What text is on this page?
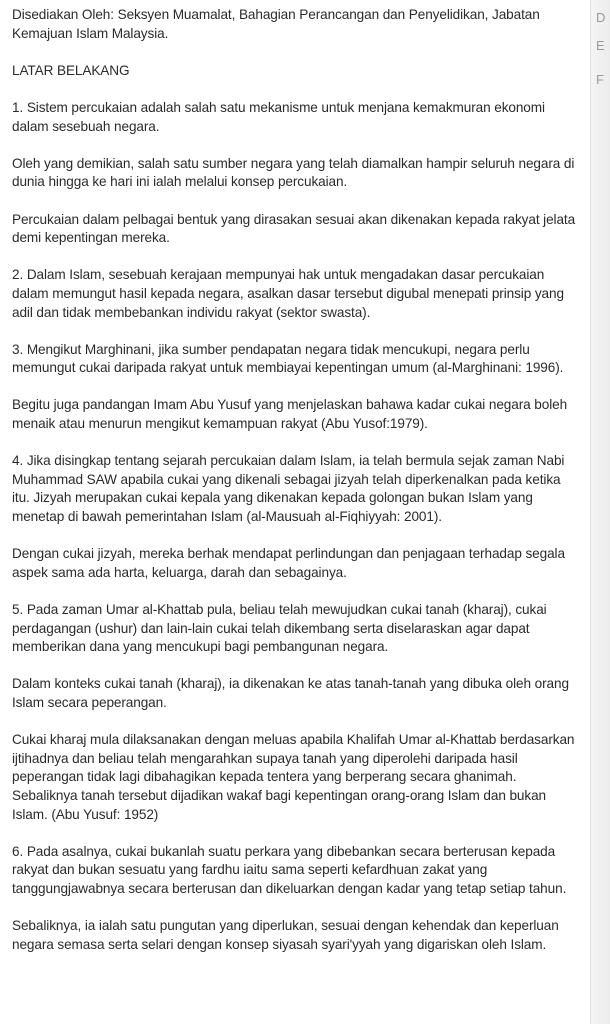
Disediakan Oleh: Seksyen Muamalat, Bahagian Perancangan dan Penyelidikan, Jabatan Kemajuan Islam Malaysia.

LATAR BELAKANG

1. Sistem percukaian adalah salah satu mekanisme untuk menjana kemakmuran ekonomi dalam sesebuah negara.

Oleh yang demikian, salah satu sumber negara yang telah diamalkan hampir seluruh negara di dunia hingga ke hari ini ialah melalui konsep percukaian.

Percukaian dalam pelbagai bentuk yang dirasakan sesuai akan dikenakan kepada rakyat jelata demi kepentingan mereka.

2. Dalam Islam, sesebuah kerajaan mempunyai hak untuk mengadakan dasar percukaian dalam memungut hasil kepada negara, asalkan dasar tersebut digubal menepati prinsip yang adil dan tidak membebankan individu rakyat (sektor swasta).

3. Mengikut Marghinani, jika sumber pendapatan negara tidak mencukupi, negara perlu memungut cukai daripada rakyat untuk membiayai kepentingan umum (al-Marghinani: 1996).

Begitu juga pandangan Imam Abu Yusuf yang menjelaskan bahawa kadar cukai negara boleh menaik atau menurun mengikut kemampuan rakyat (Abu Yusof:1979).

4. Jika disingkap tentang sejarah percukaian dalam Islam, ia telah bermula sejak zaman Nabi Muhammad SAW apabila cukai yang dikenali sebagai jizyah telah diperkenalkan pada ketika itu. Jizyah merupakan cukai kepala yang dikenakan kepada golongan bukan Islam yang menetap di bawah pemerintahan Islam (al-Mausuah al-Fiqhiyyah: 2001).

Dengan cukai jizyah, mereka berhak mendapat perlindungan dan penjagaan terhadap segala aspek sama ada harta, keluarga, darah dan sebagainya.

5. Pada zaman Umar al-Khattab pula, beliau telah mewujudkan cukai tanah (kharaj), cukai perdagangan (ushur) dan lain-lain cukai telah dikembang serta diselaraskan agar dapat memberikan dana yang mencukupi bagi pembangunan negara.

Dalam konteks cukai tanah (kharaj), ia dikenakan ke atas tanah-tanah yang dibuka oleh orang Islam secara peperangan.

Cukai kharaj mula dilaksanakan dengan meluas apabila Khalifah Umar al-Khattab berdasarkan ijtihadnya dan beliau telah mengarahkan supaya tanah yang diperolehi daripada hasil peperangan tidak lagi dibahagikan kepada tentera yang berperang secara ghanimah. Sebaliknya tanah tersebut dijadikan wakaf bagi kepentingan orang-orang Islam dan bukan Islam. (Abu Yusuf: 1952)

6. Pada asalnya, cukai bukanlah suatu perkara yang dibebankan secara berterusan kepada rakyat dan bukan sesuatu yang fardhu iaitu sama seperti kefardhuan zakat yang tanggungjawabnya secara berterusan dan dikeluarkan dengan kadar yang tetap setiap tahun.

Sebaliknya, ia ialah satu pungutan yang diperlukan, sesuai dengan kehendak dan keperluan negara semasa serta selari dengan konsep siyasah syari'yyah yang digariskan oleh Islam.

D
E
F
